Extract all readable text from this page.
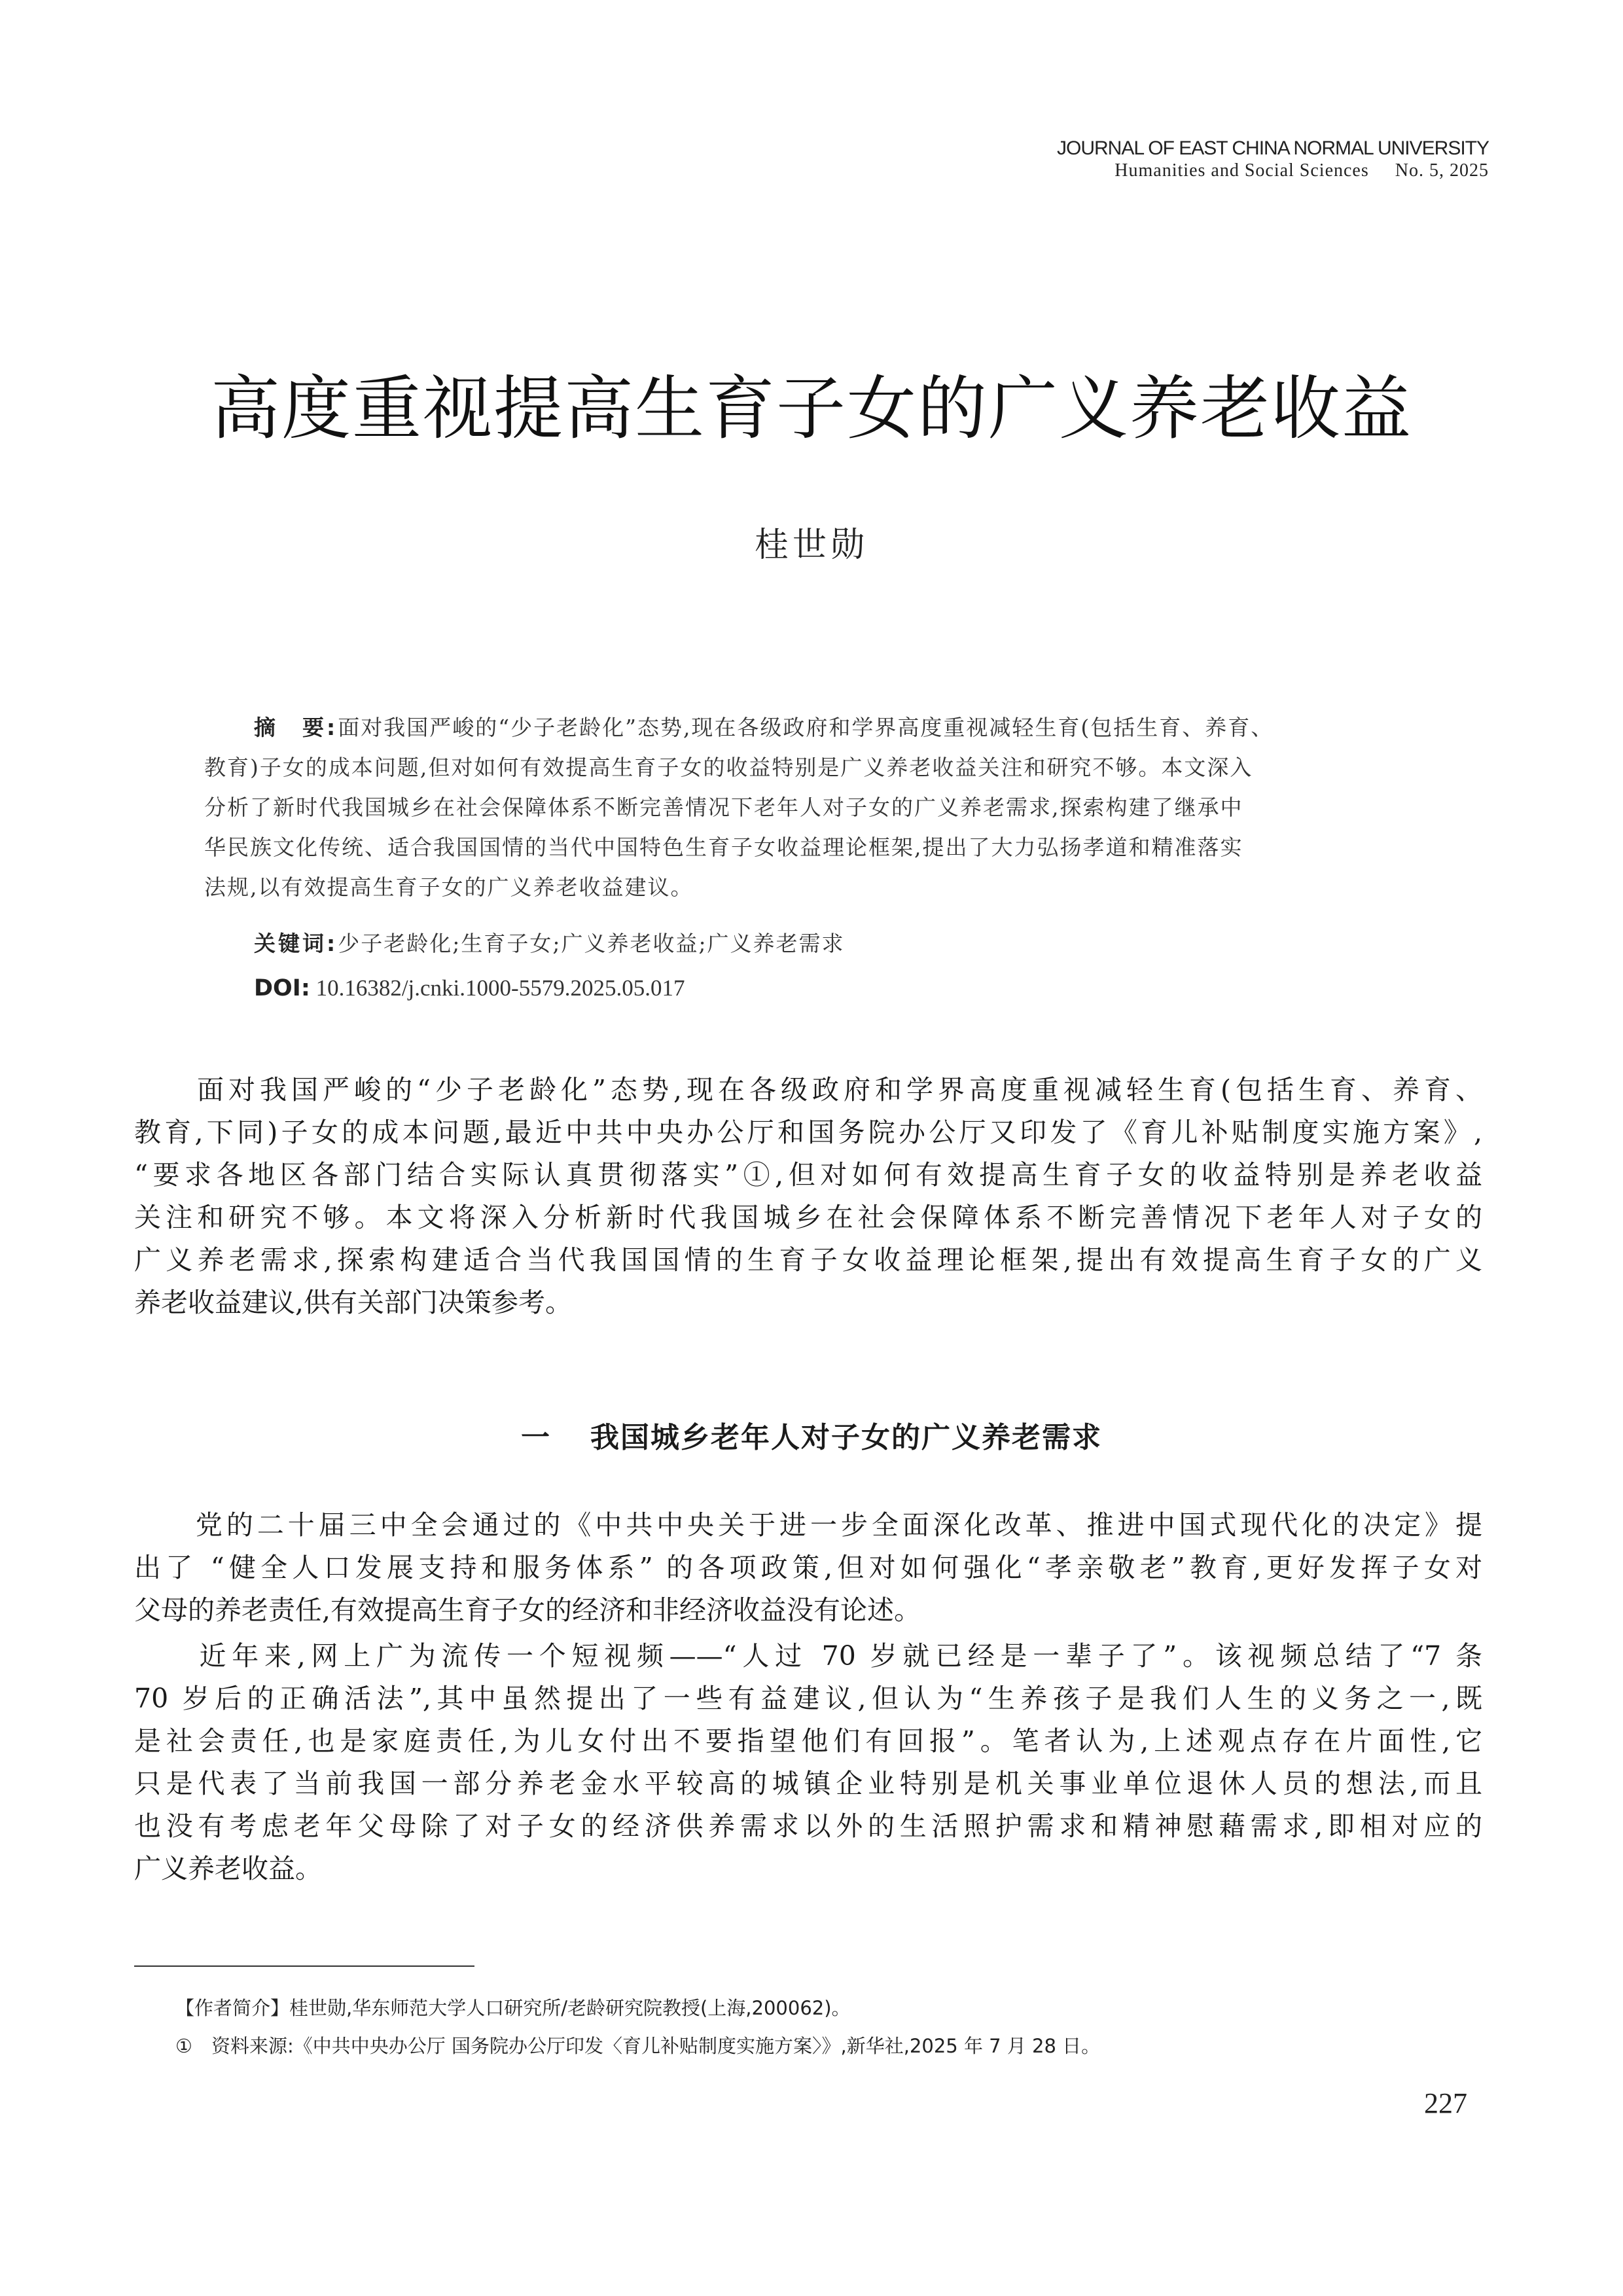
JOURNAL OF EAST CHINA NORMAL UNIVERSITY
Humanities and Social Sciences No. 5, 2025
高度重视提高生育子女的广义养老收益
桂世勋
摘　要:面对我国严峻的“少子老龄化”态势,现在各级政府和学界高度重视减轻生育(包括生育、养育、
教育)子女的成本问题,但对如何有效提高生育子女的收益特别是广义养老收益关注和研究不够。本文深入
分析了新时代我国城乡在社会保障体系不断完善情况下老年人对子女的广义养老需求,探索构建了继承中
华民族文化传统、适合我国国情的当代中国特色生育子女收益理论框架,提出了大力弘扬孝道和精准落实
法规,以有效提高生育子女的广义养老收益建议。
关键词:少子老龄化;生育子女;广义养老收益;广义养老需求
DOI: 10.16382/j.cnki.1000-5579.2025.05.017
　　面对我国严峻的“少子老龄化”态势,现在各级政府和学界高度重视减轻生育(包括生育、养育、
教育,下同)子女的成本问题,最近中共中央办公厅和国务院办公厅又印发了《育儿补贴制度实施方案》,
“要求各地区各部门结合实际认真贯彻落实”①,但对如何有效提高生育子女的收益特别是养老收益
关注和研究不够。本文将深入分析新时代我国城乡在社会保障体系不断完善情况下老年人对子女的
广义养老需求,探索构建适合当代我国国情的生育子女收益理论框架,提出有效提高生育子女的广义
养老收益建议,供有关部门决策参考。
一 我国城乡老年人对子女的广义养老需求
　　党的二十届三中全会通过的《中共中央关于进一步全面深化改革、推进中国式现代化的决定》提
出了 “健全人口发展支持和服务体系” 的各项政策,但对如何强化“孝亲敬老”教育,更好发挥子女对
父母的养老责任,有效提高生育子女的经济和非经济收益没有论述。
　　近年来,网上广为流传一个短视频——“人过 70 岁就已经是一辈子了”。该视频总结了“7 条
70 岁后的正确活法”,其中虽然提出了一些有益建议,但认为“生养孩子是我们人生的义务之一,既
是社会责任,也是家庭责任,为儿女付出不要指望他们有回报”。笔者认为,上述观点存在片面性,它
只是代表了当前我国一部分养老金水平较高的城镇企业特别是机关事业单位退休人员的想法,而且
也没有考虑老年父母除了对子女的经济供养需求以外的生活照护需求和精神慰藉需求,即相对应的
广义养老收益。
【作者简介】桂世勋,华东师范大学人口研究所/老龄研究院教授(上海,200062)。
①　资料来源:《中共中央办公厅 国务院办公厅印发〈育儿补贴制度实施方案〉》,新华社,2025 年 7 月 28 日。
227
